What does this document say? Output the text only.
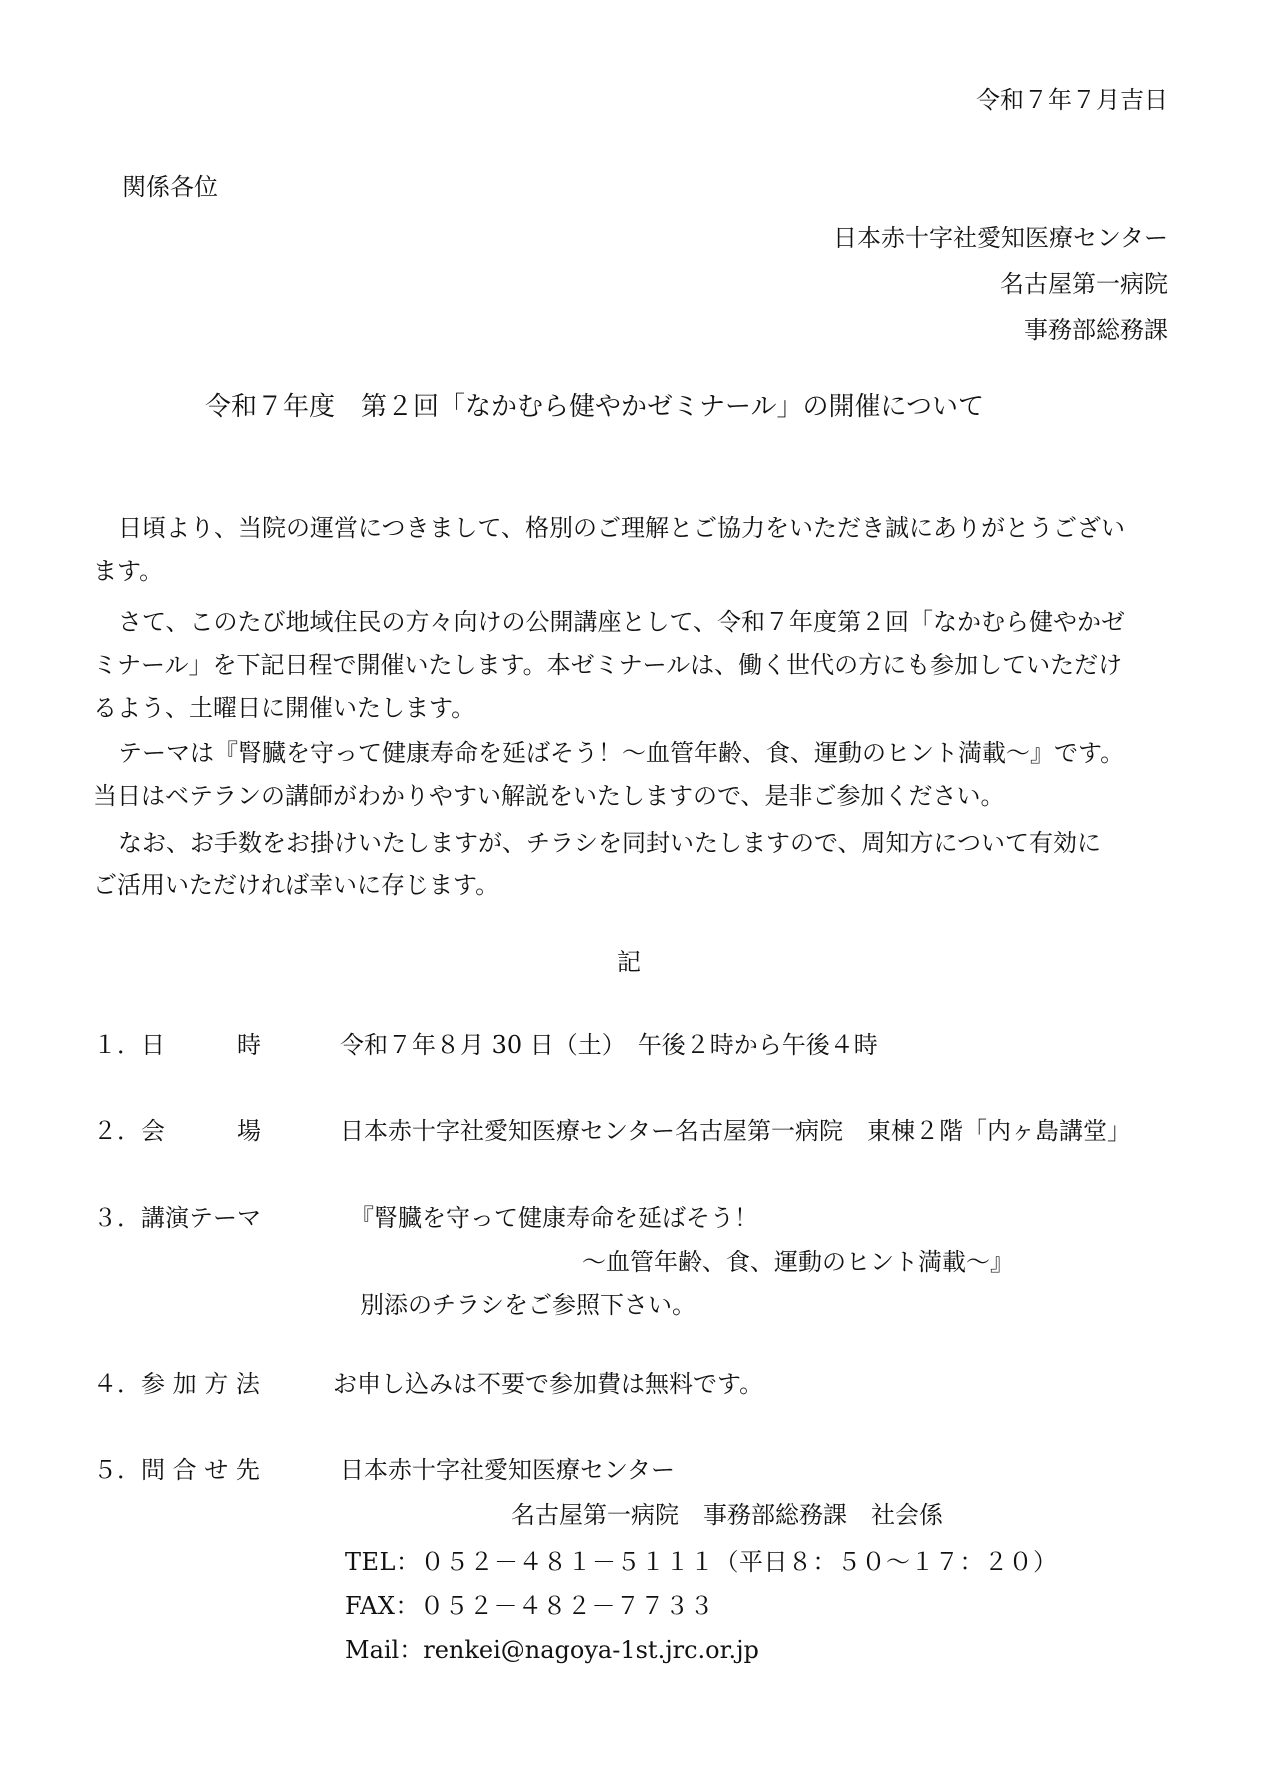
令和７年７月吉日
関係各位
日本赤十字社愛知医療センター
名古屋第一病院
事務部総務課
令和７年度　第２回「なかむら健やかゼミナール」の開催について
日頃より、当院の運営につきまして、格別のご理解とご協力をいただき誠にありがとうござい
ます。
さて、このたび地域住民の方々向けの公開講座として、令和７年度第２回「なかむら健やかゼ
ミナール」を下記日程で開催いたします。本ゼミナールは、働く世代の方にも参加していただけ
るよう、土曜日に開催いたします。
テーマは『腎臓を守って健康寿命を延ばそう！～血管年齢、食、運動のヒント満載～』です。
当日はベテランの講師がわかりやすい解説をいたしますので、是非ご参加ください。
なお、お手数をお掛けいたしますが、チラシを同封いたしますので、周知方について有効に
ご活用いただければ幸いに存じます。
記
１．日　　　時	令和７年８月 30 日（土）　午後２時から午後４時
２．会　　　場	日本赤十字社愛知医療センター名古屋第一病院　東棟２階「内ヶ島講堂」
３．講演テーマ	『腎臓を守って健康寿命を延ばそう！
～血管年齢、食、運動のヒント満載～』
別添のチラシをご参照下さい。
４．参 加 方 法	お申し込みは不要で参加費は無料です。
５．問 合 せ 先	日本赤十字社愛知医療センター
名古屋第一病院　事務部総務課　社会係
TEL：０５２－４８１－５１１１（平日８：５０～１７：２０）
FAX：０５２－４８２－７７３３
Mail：renkei@nagoya-1st.jrc.or.jp
